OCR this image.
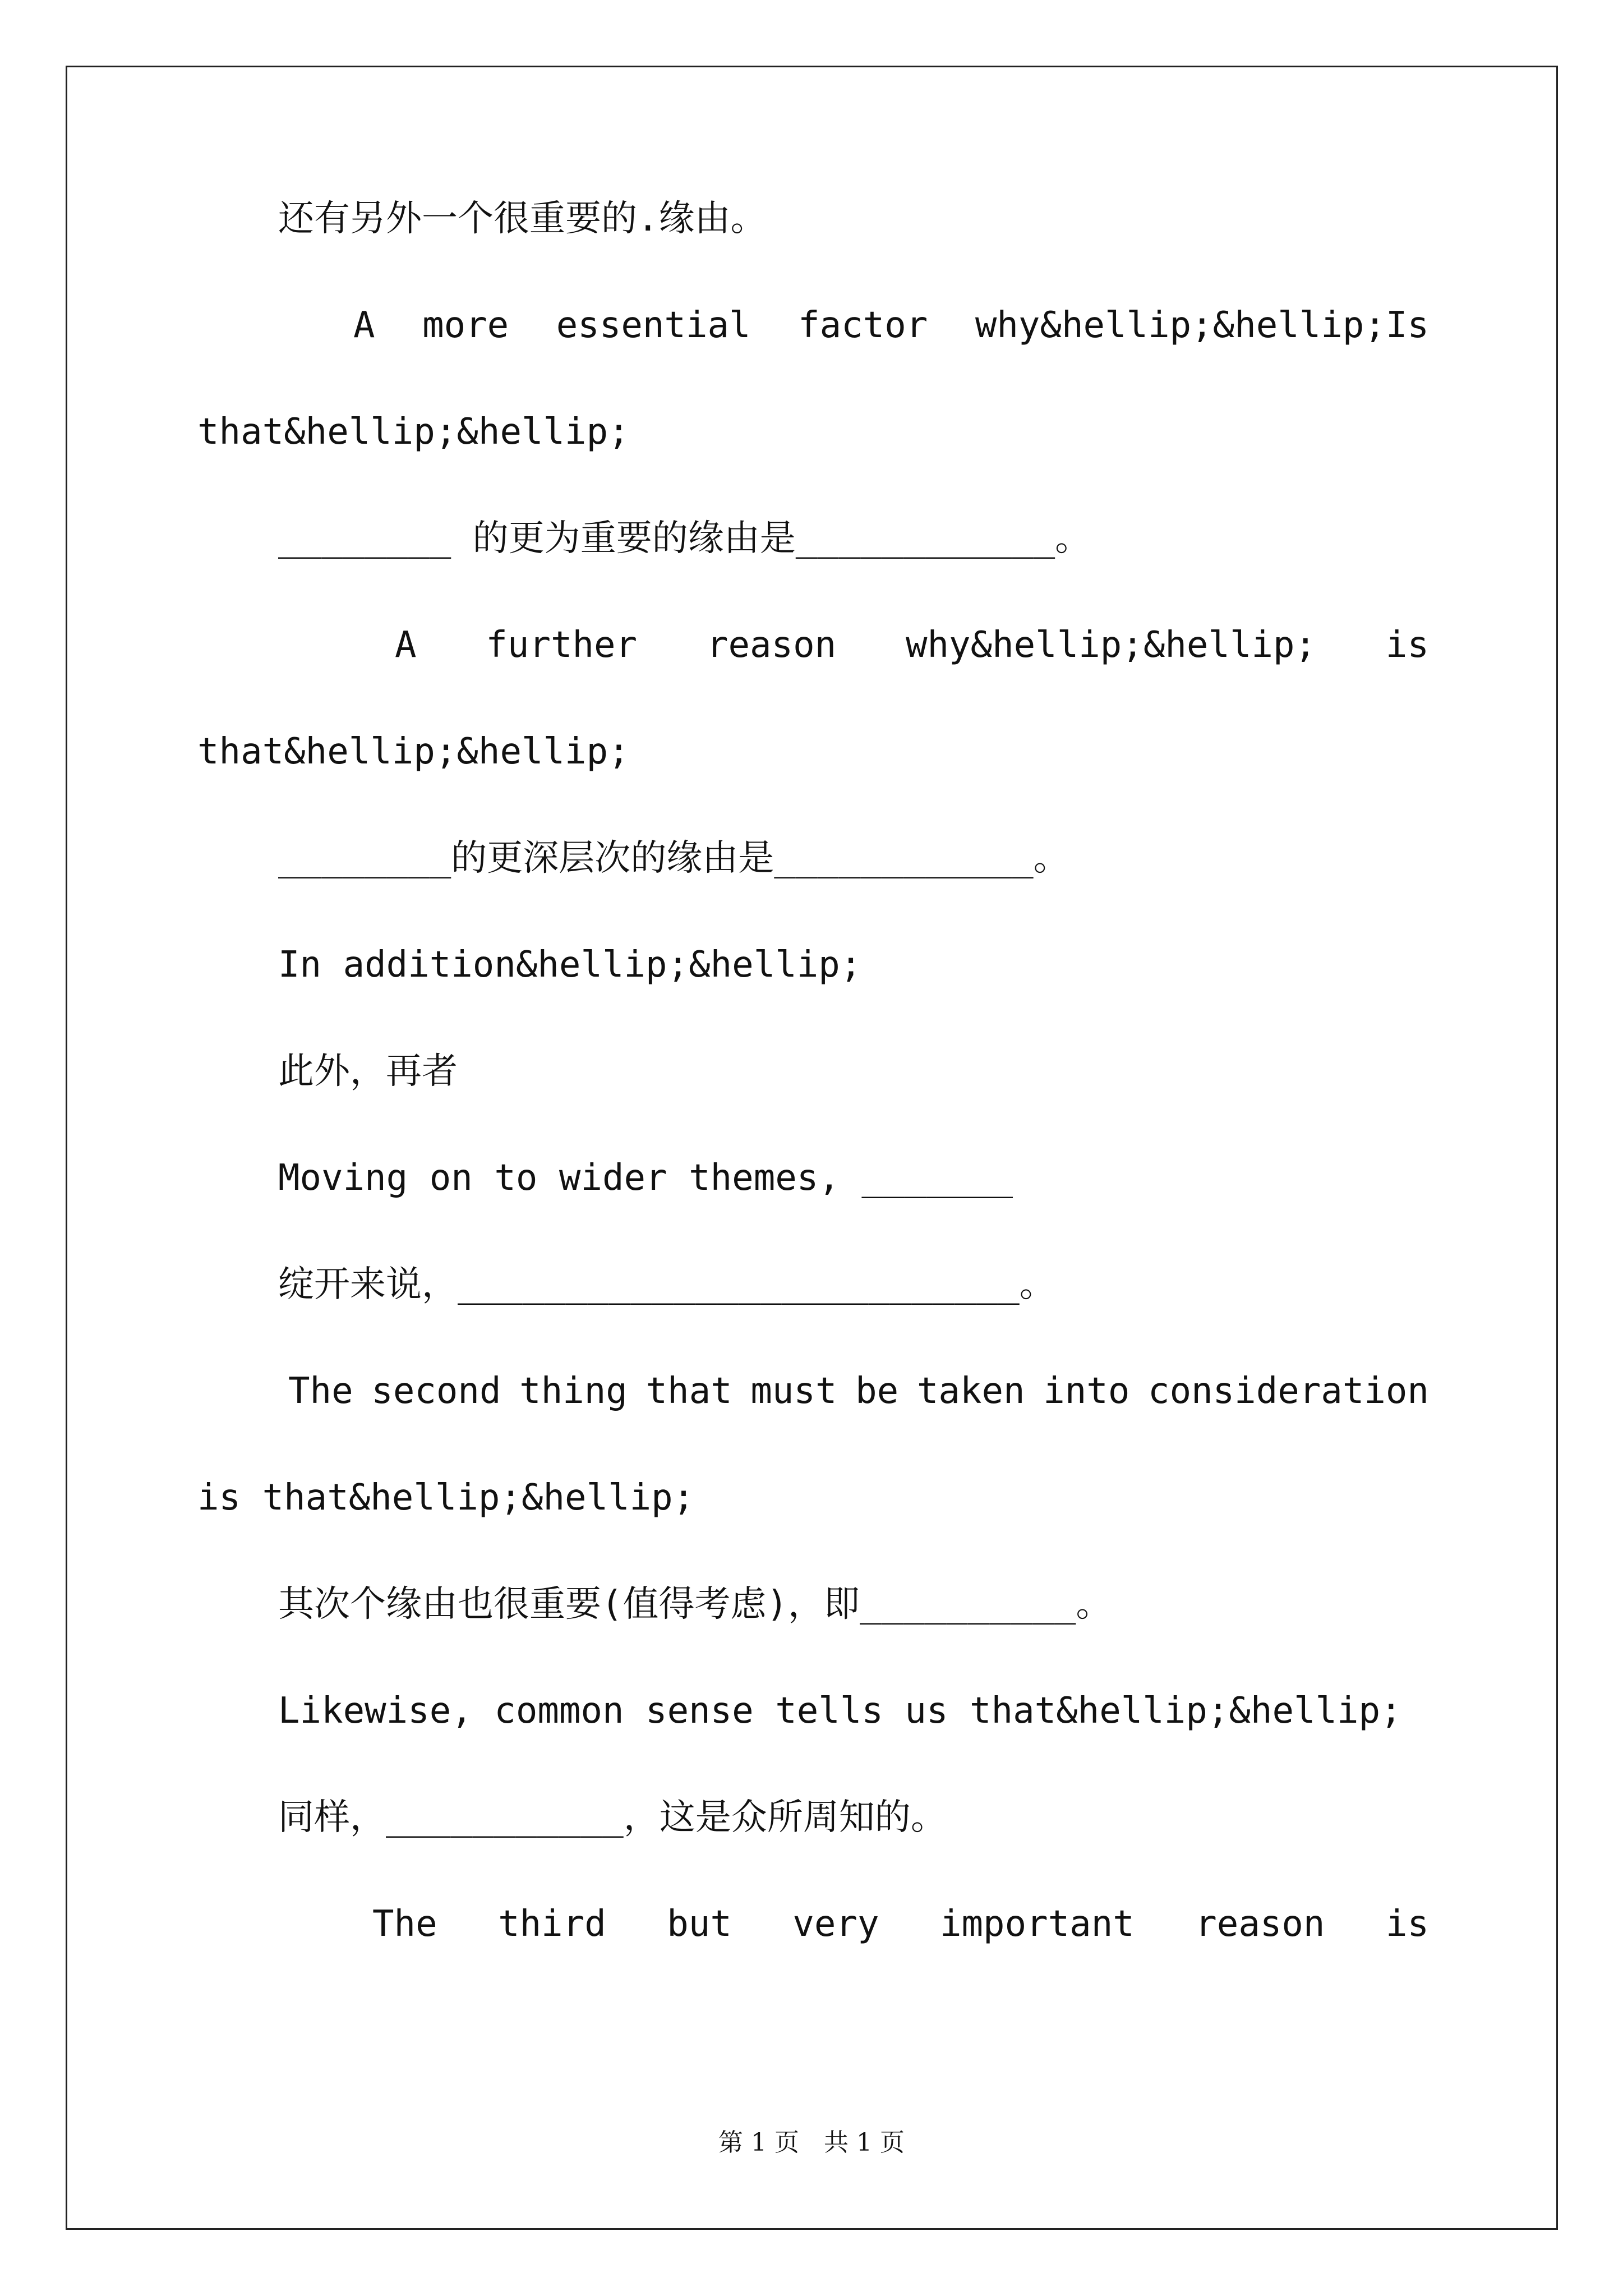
还有另外一个很重要的.缘由。
A more essential factor why&hellip;&hellip;Is
that&hellip;&hellip;
________ 的更为重要的缘由是____________。
A further reason why&hellip;&hellip; is
that&hellip;&hellip;
________的更深层次的缘由是____________。
In addition&hellip;&hellip;
此外，再者
Moving on to wider themes, _______
绽开来说，__________________________。
The second thing that must be taken into consideration
is that&hellip;&hellip;
其次个缘由也很重要(值得考虑)，即__________。
Likewise, common sense tells us that&hellip;&hellip;
同样，___________，这是众所周知的。
The third but very important reason is
第 1 页　共 1 页
